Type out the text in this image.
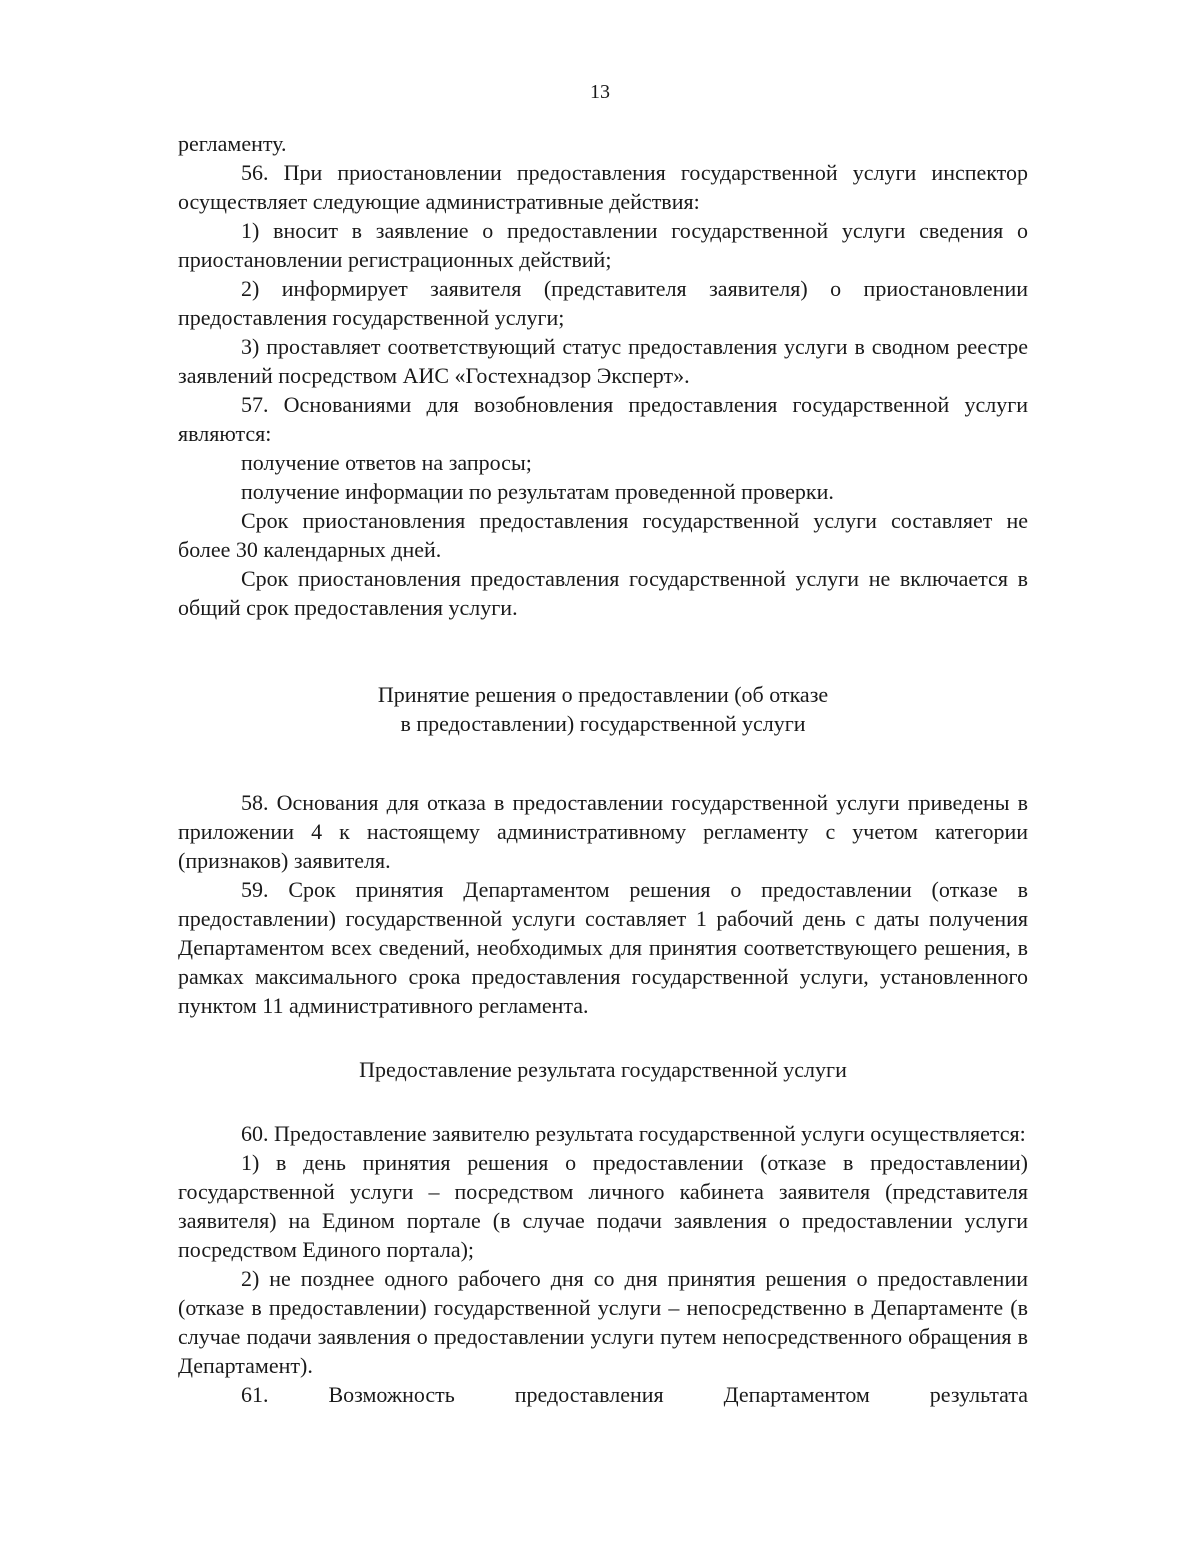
13

регламенту.

56. При приостановлении предоставления государственной услуги инспектор осуществляет следующие административные действия:

1) вносит в заявление о предоставлении государственной услуги сведения о приостановлении регистрационных действий;

2) информирует заявителя (представителя заявителя) о приостановлении предоставления государственной услуги;

3) проставляет соответствующий статус предоставления услуги в сводном реестре заявлений посредством АИС «Гостехнадзор Эксперт».

57. Основаниями для возобновления предоставления государственной услуги являются:

получение ответов на запросы;

получение информации по результатам проведенной проверки.

Срок приостановления предоставления государственной услуги составляет не более 30 календарных дней.

Срок приостановления предоставления государственной услуги не включается в общий срок предоставления услуги.

Принятие решения о предоставлении (об отказе
в предоставлении) государственной услуги

58. Основания для отказа в предоставлении государственной услуги приведены в приложении 4 к настоящему административному регламенту с учетом категории (признаков) заявителя.

59. Срок принятия Департаментом решения о предоставлении (отказе в предоставлении) государственной услуги составляет 1 рабочий день с даты получения Департаментом всех сведений, необходимых для принятия соответствующего решения, в рамках максимального срока предоставления государственной услуги, установленного пунктом 11 административного регламента.

Предоставление результата государственной услуги

60. Предоставление заявителю результата государственной услуги осуществляется:

1) в день принятия решения о предоставлении (отказе в предоставлении) государственной услуги – посредством личного кабинета заявителя (представителя заявителя) на Едином портале (в случае подачи заявления о предоставлении услуги посредством Единого портала);

2) не позднее одного рабочего дня со дня принятия решения о предоставлении (отказе в предоставлении) государственной услуги – непосредственно в Департаменте (в случае подачи заявления о предоставлении услуги путем непосредственного обращения в Департамент).

61. Возможность предоставления Департаментом результата
